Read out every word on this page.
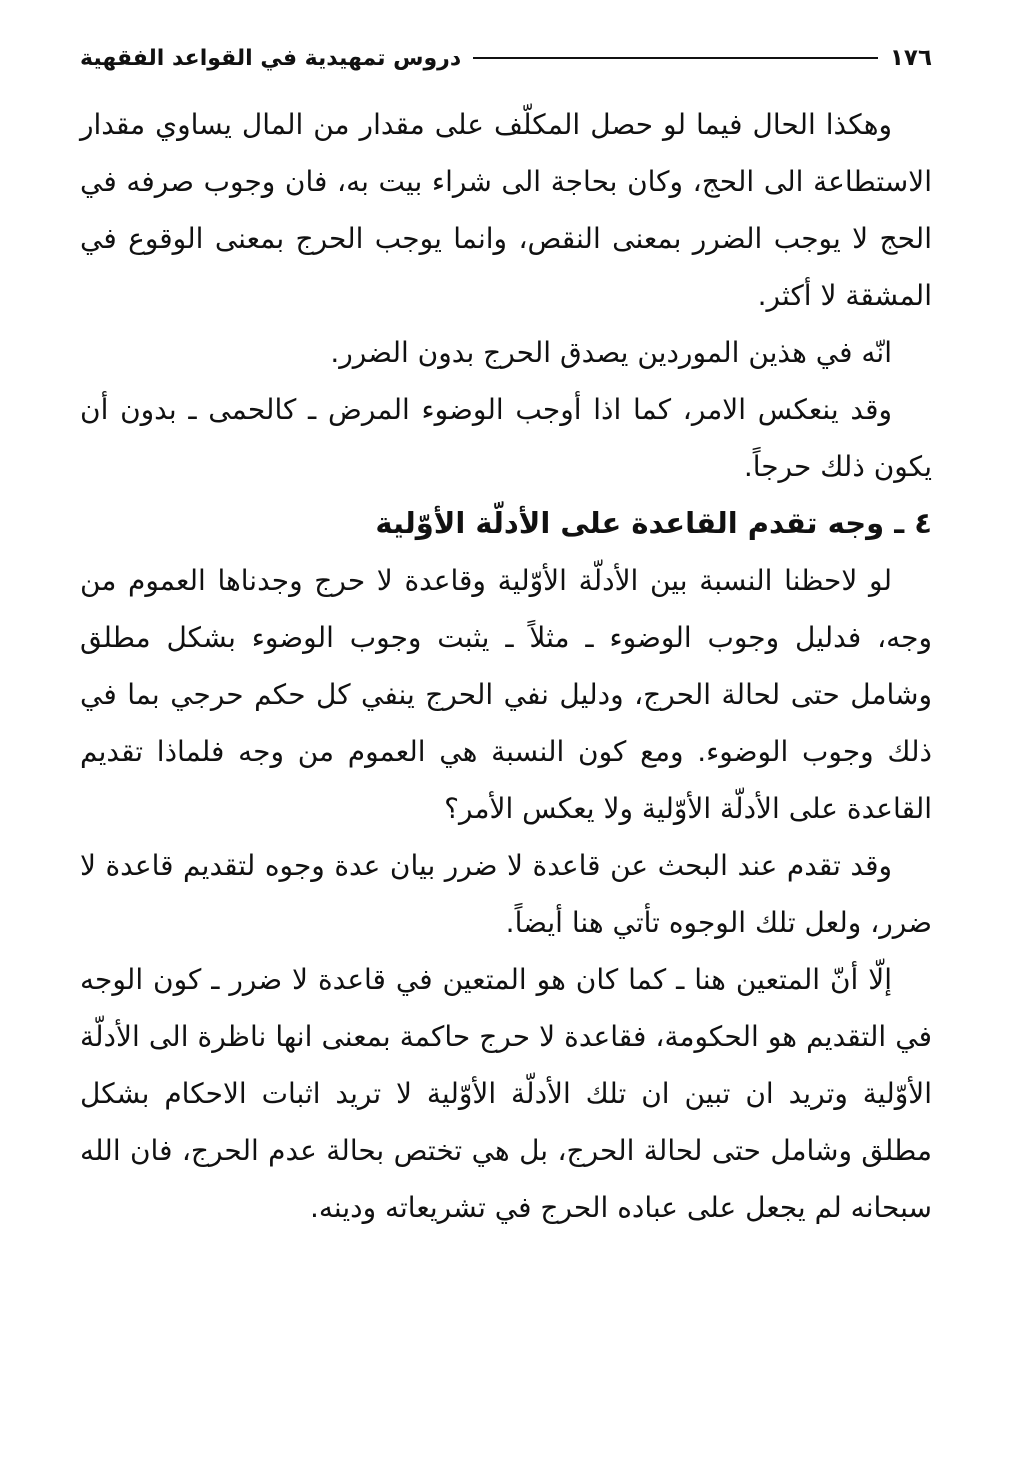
١٧٦
دروس تمهيدية في القواعد الفقهية

وهكذا الحال فيما لو حصل المكلّف على مقدار من المال يساوي مقدار الاستطاعة الى الحج، وكان بحاجة الى شراء بيت به، فان وجوب صرفه في الحج لا يوجب الضرر بمعنى النقص، وانما يوجب الحرج بمعنى الوقوع في المشقة لا أكثر.

انّه في هذين الموردين يصدق الحرج بدون الضرر.

وقد ينعكس الامر، كما اذا أوجب الوضوء المرض ـ كالحمى ـ بدون أن يكون ذلك حرجاً.

٤ ـ وجه تقدم القاعدة على الأدلّة الأوّلية

لو لاحظنا النسبة بين الأدلّة الأوّلية وقاعدة لا حرج وجدناها العموم من وجه، فدليل وجوب الوضوء ـ مثلاً ـ يثبت وجوب الوضوء بشكل مطلق وشامل حتى لحالة الحرج، ودليل نفي الحرج ينفي كل حكم حرجي بما في ذلك وجوب الوضوء. ومع كون النسبة هي العموم من وجه فلماذا تقديم القاعدة على الأدلّة الأوّلية ولا يعكس الأمر؟

وقد تقدم عند البحث عن قاعدة لا ضرر بيان عدة وجوه لتقديم قاعدة لا ضرر، ولعل تلك الوجوه تأتي هنا أيضاً.

إلّا أنّ المتعين هنا ـ كما كان هو المتعين في قاعدة لا ضرر ـ كون الوجه في التقديم هو الحكومة، فقاعدة لا حرج حاكمة بمعنى انها ناظرة الى الأدلّة الأوّلية وتريد ان تبين ان تلك الأدلّة الأوّلية لا تريد اثبات الاحكام بشكل مطلق وشامل حتى لحالة الحرج، بل هي تختص بحالة عدم الحرج، فان الله سبحانه لم يجعل على عباده الحرج في تشريعاته ودينه.
